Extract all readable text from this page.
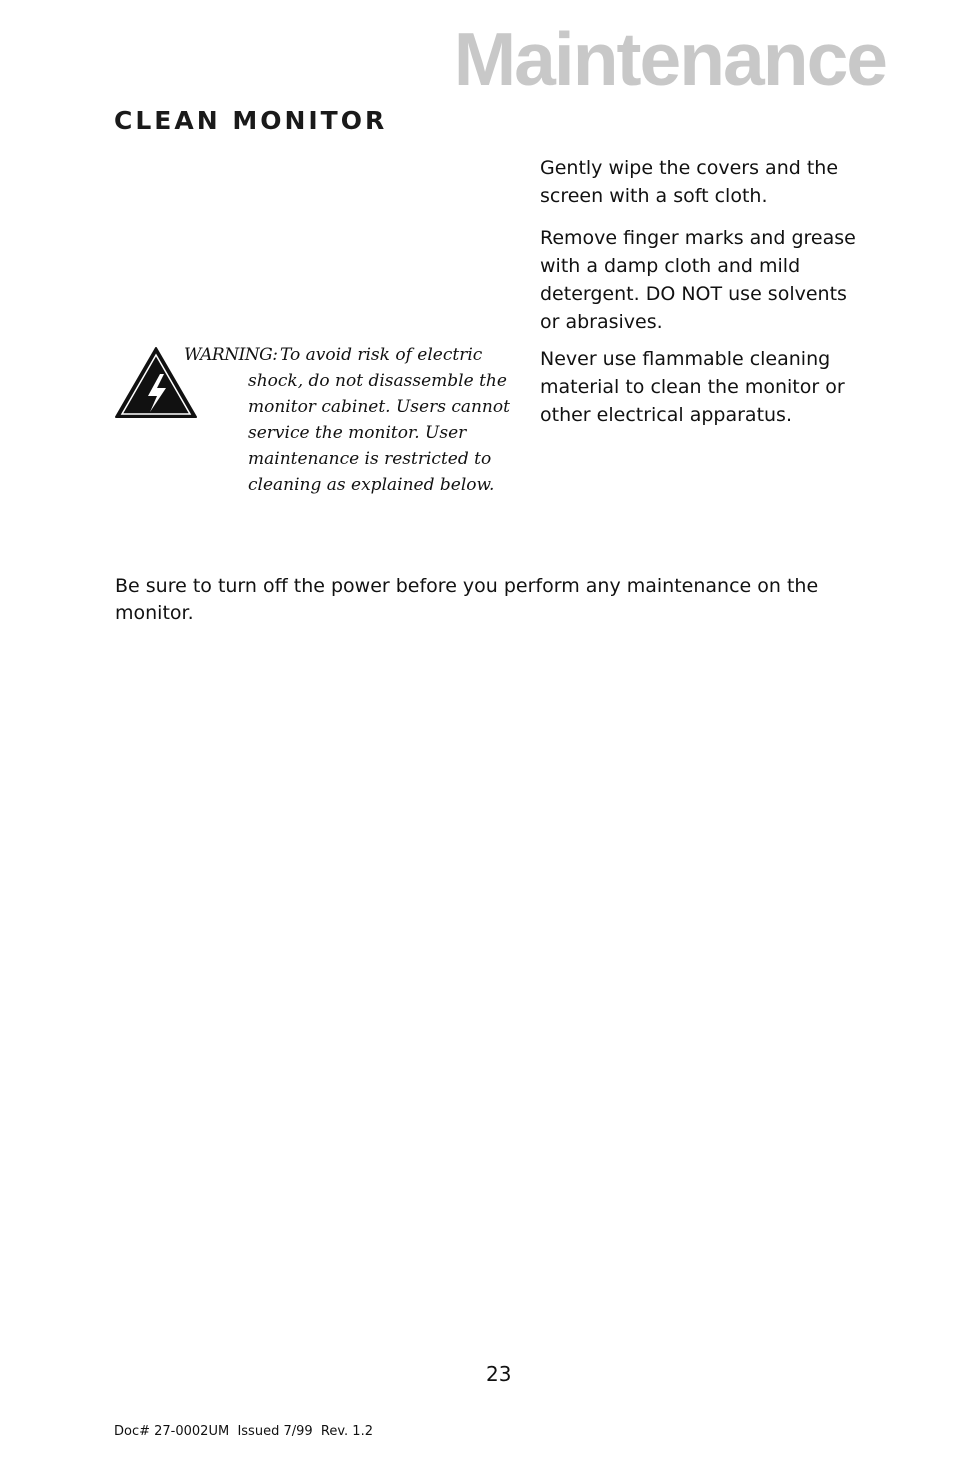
Maintenance
CLEAN MONITOR

Gently wipe the covers and the screen with a soft cloth.

Remove finger marks and grease with a damp cloth and mild detergent. DO NOT use solvents or abrasives.

Never use flammable cleaning material to clean the monitor or other electrical apparatus.

WARNING: To avoid risk of electric
shock, do not disassemble the
monitor cabinet. Users cannot
service the monitor. User
maintenance is restricted to
cleaning as explained below.

Be sure to turn off the power before you perform any maintenance on the monitor.

23
Doc# 27-0002UM  Issued 7/99  Rev. 1.2
